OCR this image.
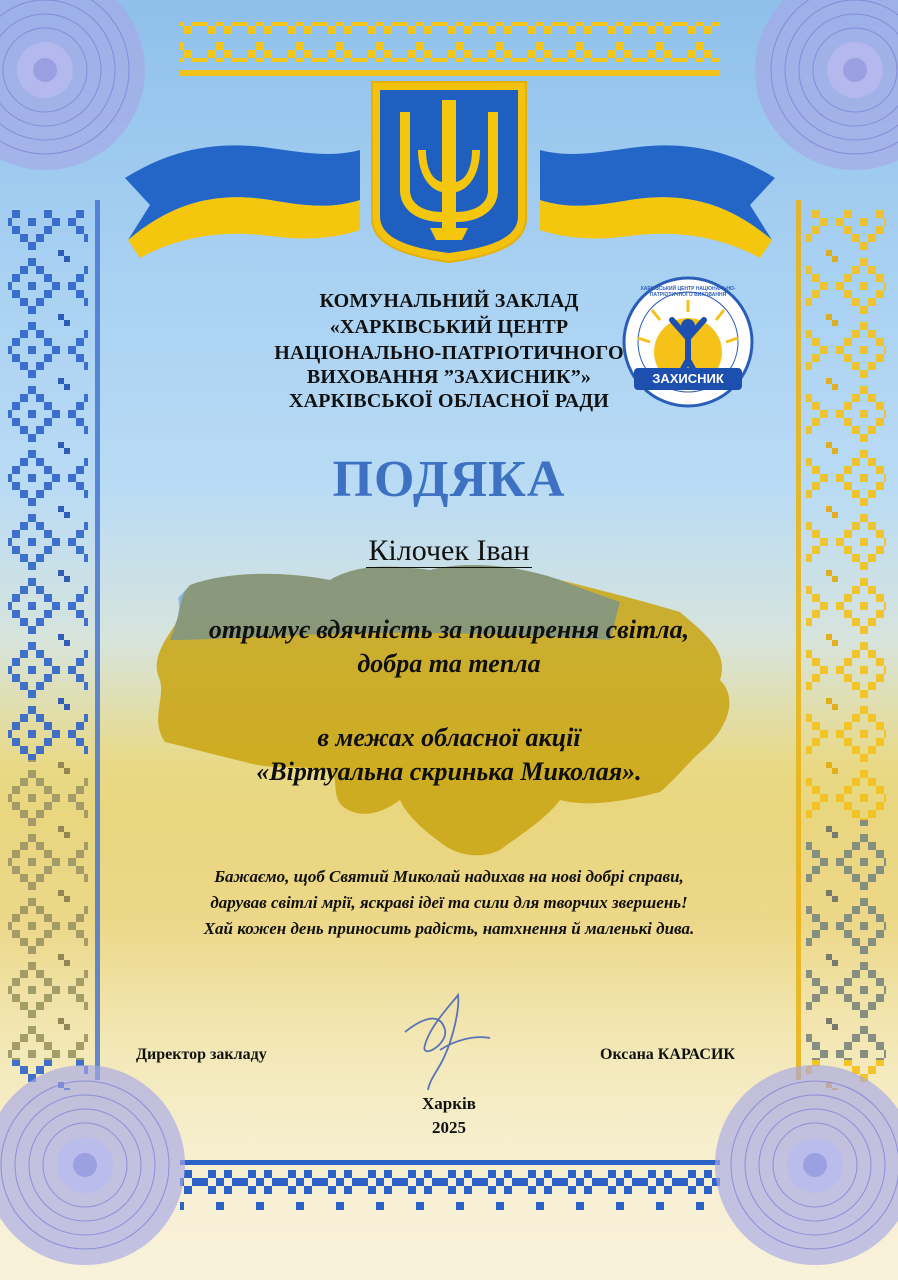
ЗАХИСНИК
ХАРКІВСЬКИЙ ЦЕНТР НАЦІОНАЛЬНО-ПАТРІОТИЧНОГО ВИХОВАННЯ

КОМУНАЛЬНИЙ ЗАКЛАД

«ХАРКІВСЬКИЙ ЦЕНТР

НАЦІОНАЛЬНО-ПАТРІОТИЧНОГО

ВИХОВАННЯ ”ЗАХИСНИК”»

ХАРКІВСЬКОЇ ОБЛАСНОЇ РАДИ

ПОДЯКА

Кілочек Іван

отримує вдячність за поширення світла,

добра та тепла

в межах обласної акції

«Віртуальна скринька Миколая».

Бажаємо, щоб Святий Миколай надихав на нові добрі справи,

дарував світлі мрії, яскраві ідеї та сили для творчих звершень!

Хай кожен день приносить радість, натхнення й маленькі дива.

Директор закладу	Оксана КАРАСИК

Харків

2025
